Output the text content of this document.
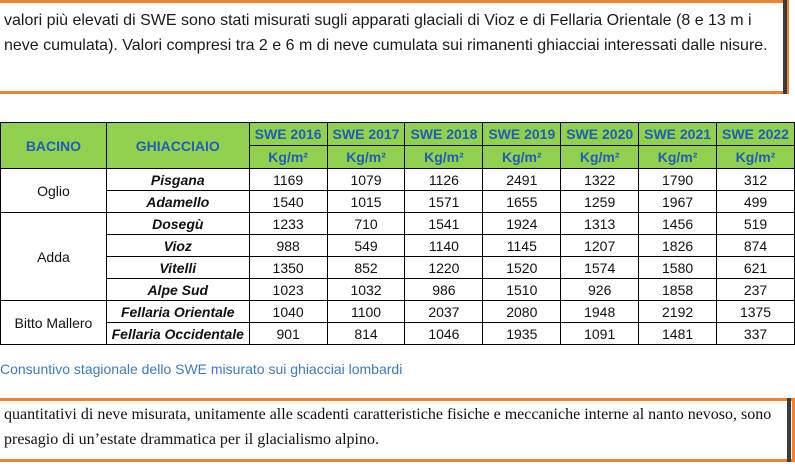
valori più elevati di SWE sono stati misurati sugli apparati glaciali di Vioz e di Fellaria Orientale (8 e 13 m i neve cumulata). Valori compresi tra 2 e 6 m di neve cumulata sui rimanenti ghiacciai interessati dalle nisure.

BACINO	GHIACCIAIO	SWE 2016	SWE 2017	SWE 2018	SWE 2019	SWE 2020	SWE 2021	SWE 2022
		Kg/m²	Kg/m²	Kg/m²	Kg/m²	Kg/m²	Kg/m²	Kg/m²
Oglio	Pisgana	1169	1079	1126	2491	1322	1790	312
	Adamello	1540	1015	1571	1655	1259	1967	499
Adda	Dosegù	1233	710	1541	1924	1313	1456	519
	Vioz	988	549	1140	1145	1207	1826	874
	Vitelli	1350	852	1220	1520	1574	1580	621
	Alpe Sud	1023	1032	986	1510	926	1858	237
Bitto Mallero	Fellaria Orientale	1040	1100	2037	2080	1948	2192	1375
	Fellaria Occidentale	901	814	1046	1935	1091	1481	337
Consuntivo stagionale dello SWE misurato sui ghiacciai lombardi

quantitativi di neve misurata, unitamente alle scadenti caratteristiche fisiche e meccaniche interne al nanto nevoso, sono presagio di un’estate drammatica per il glacialismo alpino.
